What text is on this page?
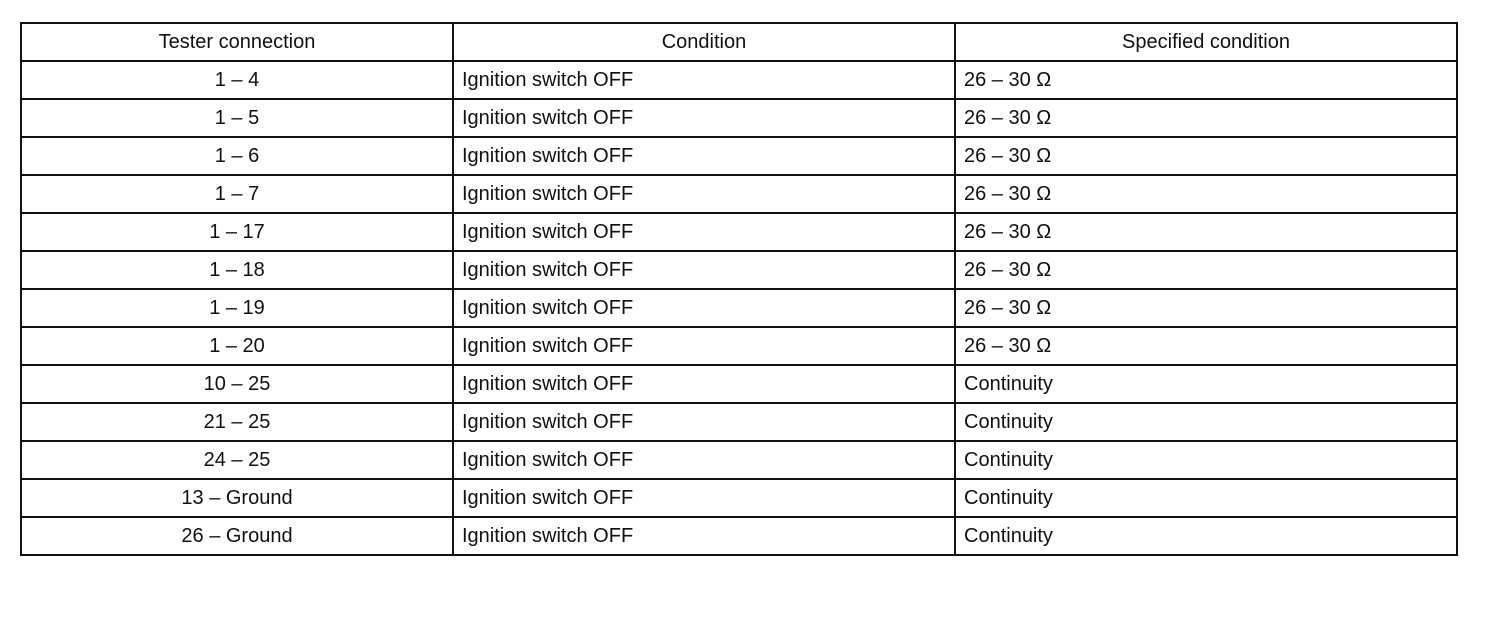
Tester connection	Condition	Specified condition
1 – 4	Ignition switch OFF	26 – 30 Ω
1 – 5	Ignition switch OFF	26 – 30 Ω
1 – 6	Ignition switch OFF	26 – 30 Ω
1 – 7	Ignition switch OFF	26 – 30 Ω
1 – 17	Ignition switch OFF	26 – 30 Ω
1 – 18	Ignition switch OFF	26 – 30 Ω
1 – 19	Ignition switch OFF	26 – 30 Ω
1 – 20	Ignition switch OFF	26 – 30 Ω
10 – 25	Ignition switch OFF	Continuity
21 – 25	Ignition switch OFF	Continuity
24 – 25	Ignition switch OFF	Continuity
13 – Ground	Ignition switch OFF	Continuity
26 – Ground	Ignition switch OFF	Continuity
